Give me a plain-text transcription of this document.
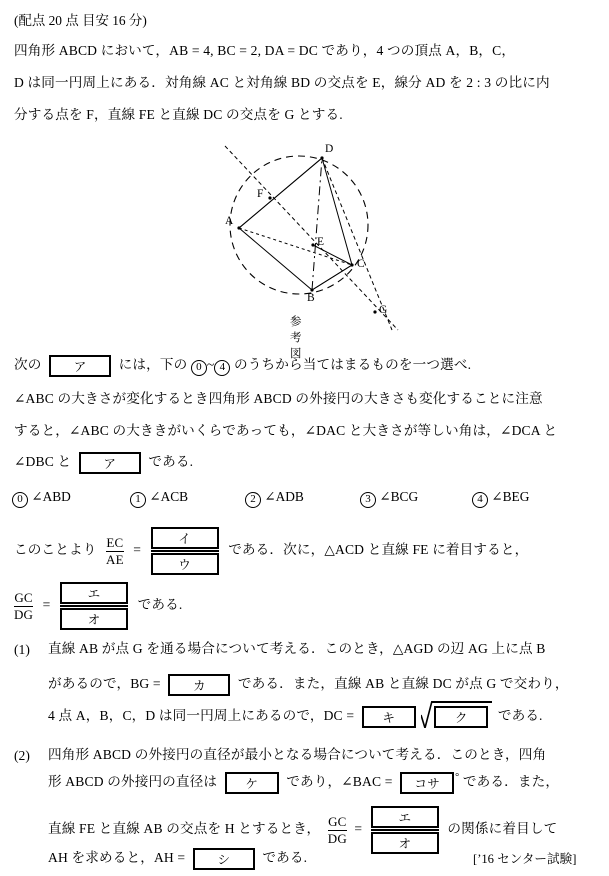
(配点 20 点 目安 16 分)
四角形 ABCD において，AB = 4, BC = 2, DA = DC であり，4 つの頂点 A，B，C，
D は同一円周上にある．対角線 AC と対角線 BD の交点を E，線分 AD を 2 : 3 の比に内
分する点を F，直線 FE と直線 DC の交点を G とする.
A
B
C
D
E
F
G
参考図
次の	ア には，下の 0 ~ 4 のうちから当てはまるものを一つ選べ.
∠ABC の大きさが変化するとき四角形 ABCD の外接円の大きさも変化することに注意
すると，∠ABC の大ききがいくらであっても，∠DAC と大きさが等しい角は，∠DCA と
∠DBC と	ア である.
0 ∠ABD	1 ∠ACB	2 ∠ADB	3 ∠BCG	4 ∠BEG
このことより $\frac{EC}{AE}$ = イ
ウ である．次に，△ACD と直線 FE に着目すると，
$\frac{GC}{DG}$ = エ
オ である.
(1) 直線 AB が点 G を通る場合について考える．このとき，△AGD の辺 AG 上に点 B
があるので，BG =	カ である．また，直線 AB と直線 DC が点 G で交わり，
4 点 A，B，C，D は同一円周上にあるので，DC = キ	ク である.
(2) 四角形 ABCD の外接円の直径が最小となる場合について考える．このとき，四角
形 ABCD の外接円の直径は ケ であり，∠BAC = コサ ° である．また，
直線 FE と直線 AB の交点を H とするとき， $\frac{GC}{DG}$ = エ
オ の関係に着目して
AH を求めると，AH =	シ である.	[’16 センター試験]
